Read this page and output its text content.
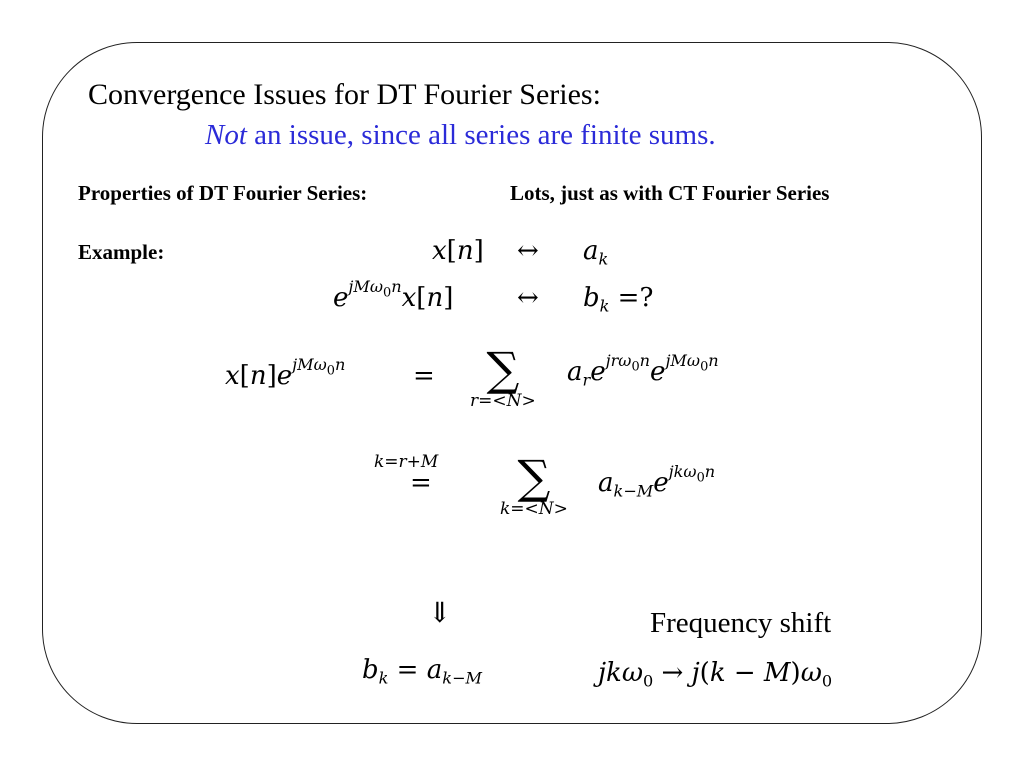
Convergence Issues for DT Fourier Series:
Not an issue, since all series are finite sums.
Properties of DT Fourier Series:	Lots, just as with CT Fourier Series
Example:	x[n] ↔ $a_k$
$e^{jM\omega_0n}x[n]$ ↔ $b_k$ =?
$x[n]e^{jM\omega_0n}$	=	∑
r=<N>
$a_re^{jr\omega_0n}e^{jM\omega_0n}$
k=r+M
=	∑
k=<N>
$a_{k-M}e^{jk\omega_0n}$
⇓	Frequency shift
$b_k = a_{k-M}$	$jk\omega_0 \to j(k - M)\omega_0$
